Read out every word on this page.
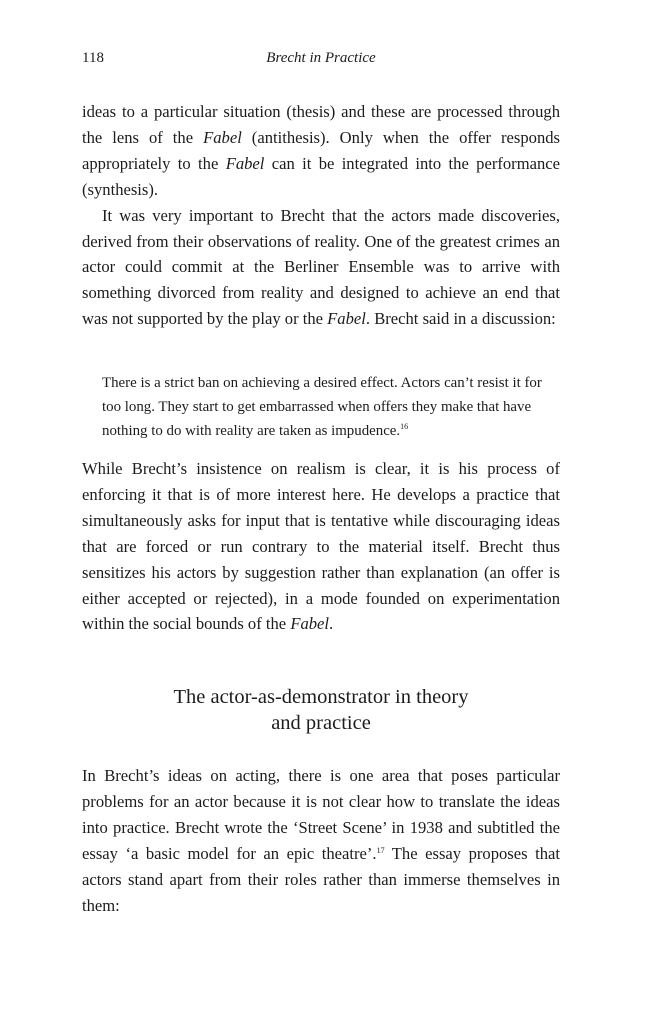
118	Brecht in Practice

ideas to a particular situation (thesis) and these are processed through the lens of the Fabel (antithesis). Only when the offer responds appropriately to the Fabel can it be integrated into the performance (synthesis).

It was very important to Brecht that the actors made discoveries, derived from their observations of reality. One of the greatest crimes an actor could commit at the Berliner Ensemble was to arrive with something divorced from reality and designed to achieve an end that was not supported by the play or the Fabel. Brecht said in a discussion:

There is a strict ban on achieving a desired effect. Actors can’t resist it for too long. They start to get embarrassed when offers they make that have nothing to do with reality are taken as impudence.$^{16}$

While Brecht’s insistence on realism is clear, it is his process of enforcing it that is of more interest here. He develops a practice that simultaneously asks for input that is tentative while discouraging ideas that are forced or run contrary to the material itself. Brecht thus sensitizes his actors by suggestion rather than explanation (an offer is either accepted or rejected), in a mode founded on experimentation within the social bounds of the Fabel.

The actor-as-demonstrator in theory
and practice

In Brecht’s ideas on acting, there is one area that poses particular problems for an actor because it is not clear how to translate the ideas into practice. Brecht wrote the ‘Street Scene’ in 1938 and subtitled the essay ‘a basic model for an epic theatre’.$^{17}$ The essay proposes that actors stand apart from their roles rather than immerse themselves in them:
